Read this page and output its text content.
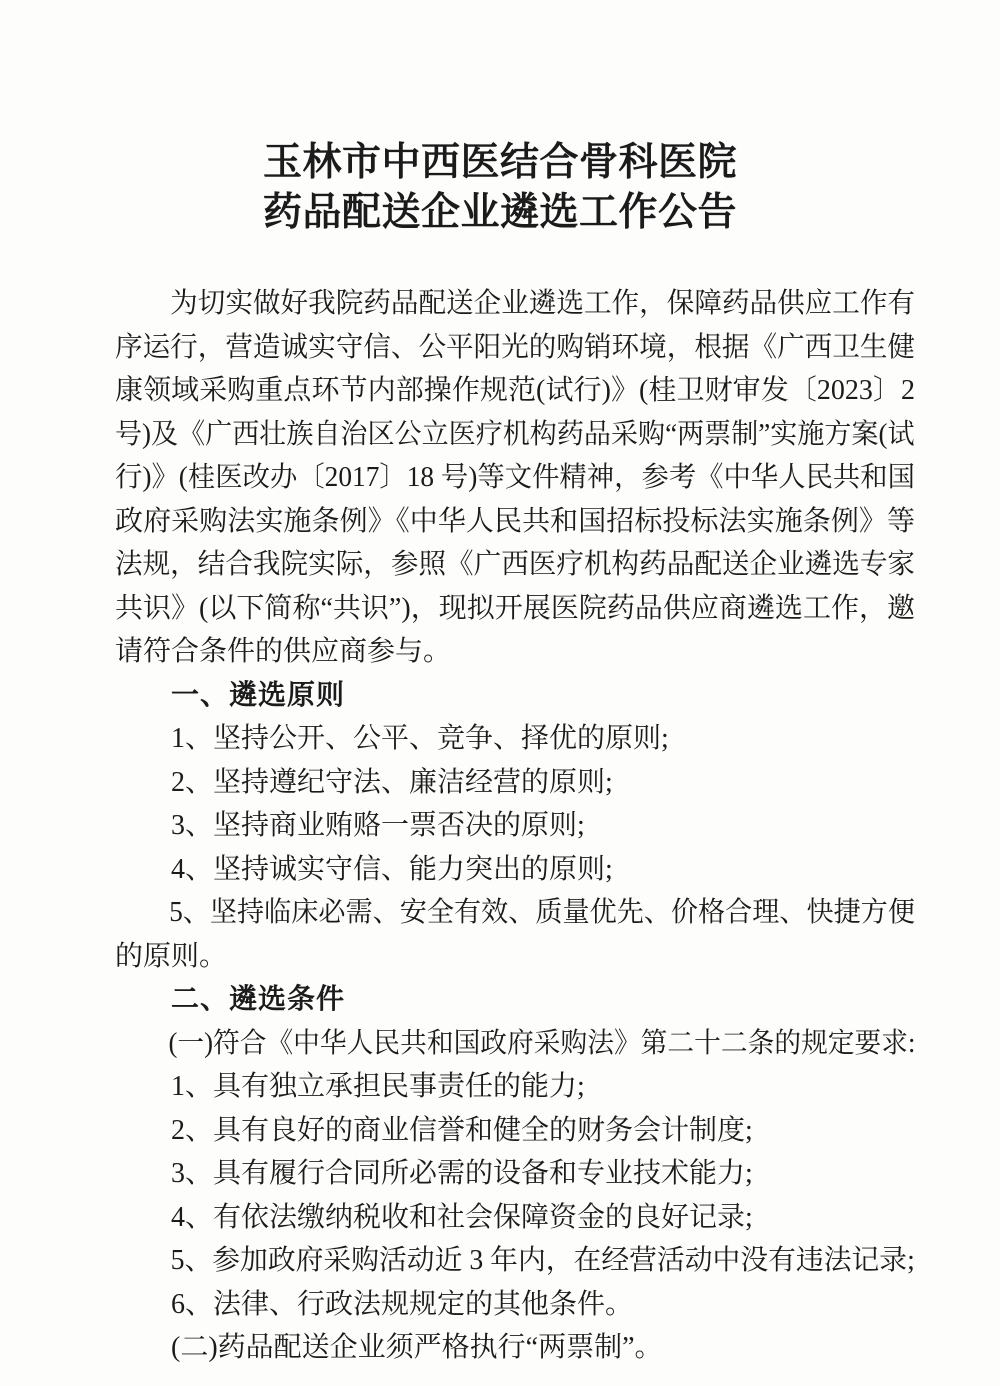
玉林市中西医结合骨科医院
药品配送企业遴选工作公告
为切实做好我院药品配送企业遴选工作，保障药品供应工作有
序运行，营造诚实守信、公平阳光的购销环境，根据《广西卫生健
康领域采购重点环节内部操作规范(试行)》(桂卫财审发〔2023〕2
号)及《广西壮族自治区公立医疗机构药品采购“两票制”实施方案(试
行)》(桂医改办〔2017〕18 号)等文件精神，参考《中华人民共和国
政府采购法实施条例》《中华人民共和国招标投标法实施条例》等
法规，结合我院实际，参照《广西医疗机构药品配送企业遴选专家
共识》(以下简称“共识”)，现拟开展医院药品供应商遴选工作，邀
请符合条件的供应商参与。
一、遴选原则
1、坚持公开、公平、竞争、择优的原则;
2、坚持遵纪守法、廉洁经营的原则;
3、坚持商业贿赂一票否决的原则;
4、坚持诚实守信、能力突出的原则;
5、坚持临床必需、安全有效、质量优先、价格合理、快捷方便
的原则。
二、遴选条件
(一)符合《中华人民共和国政府采购法》第二十二条的规定要求:
1、具有独立承担民事责任的能力;
2、具有良好的商业信誉和健全的财务会计制度;
3、具有履行合同所必需的设备和专业技术能力;
4、有依法缴纳税收和社会保障资金的良好记录;
5、参加政府采购活动近 3 年内，在经营活动中没有违法记录;
6、法律、行政法规规定的其他条件。
(二)药品配送企业须严格执行“两票制”。
